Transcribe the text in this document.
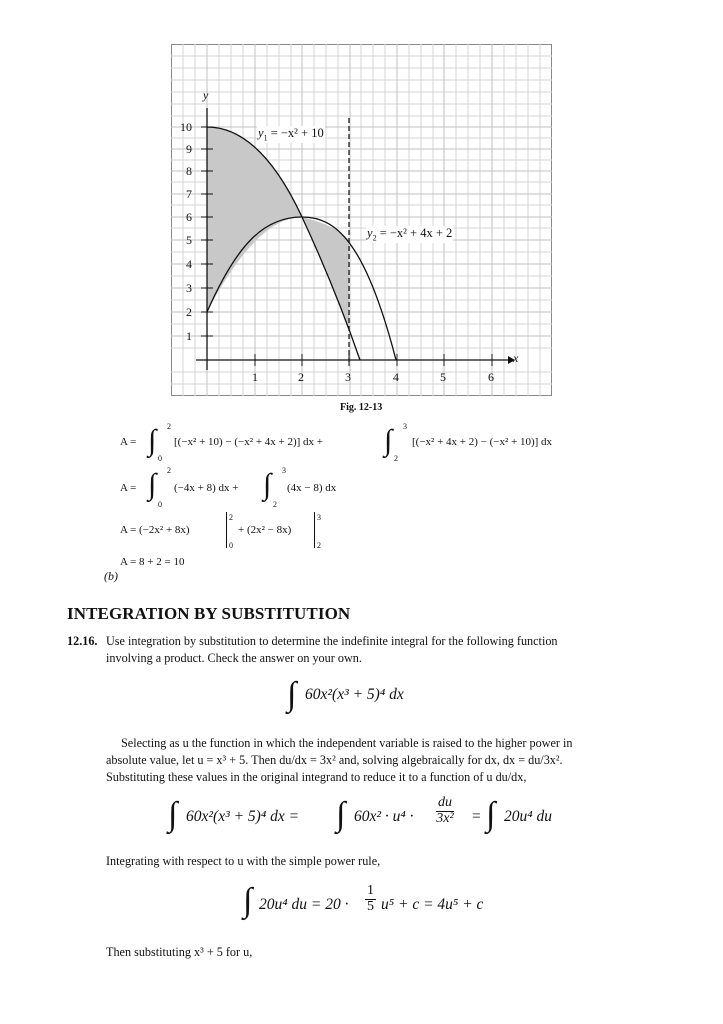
1
2
3
4
5
6
7
8
9
10
1	2	3	4	5	6
y
x
$y_1 = -x^2 + 10$
$y_2 = -x^2 + 4x + 2$
Fig. 12-13
A = ∫ 2
0
[(−x² + 10) − (−x² + 4x + 2)] dx + ∫ 3
2
[(−x² + 4x + 2) − (−x² + 10)] dx
A = ∫ 2
0
(−4x + 8) dx + ∫ 3
2
(4x − 8) dx
A = (−2x² + 8x)
2
0
+ (2x² − 8x)
3
2
A = 8 + 2 = 10
(b)
INTEGRATION BY SUBSTITUTION
12.16. Use integration by substitution to determine the indefinite integral for the following function
involving a product. Check the answer on your own.
∫ 60x²(x³ + 5)⁴ dx
Selecting as u the function in which the independent variable is raised to the higher power in
absolute value, let u = x³ + 5. Then du/dx = 3x² and, solving algebraically for dx, dx = du/3x².
Substituting these values in the original integrand to reduce it to a function of u du/dx,
∫ 60x²(x³ + 5)⁴ dx = ∫ $60x^2 \cdot u^4 \cdot \frac{du}{\text{3x²}}$ = ∫ 20u⁴ du
Integrating with respect to u with the simple power rule,
∫ 20u⁴ du = $20 \cdot \frac{1}{5} u^5 + c = 4u^5 + c$
Then substituting x³ + 5 for u,
